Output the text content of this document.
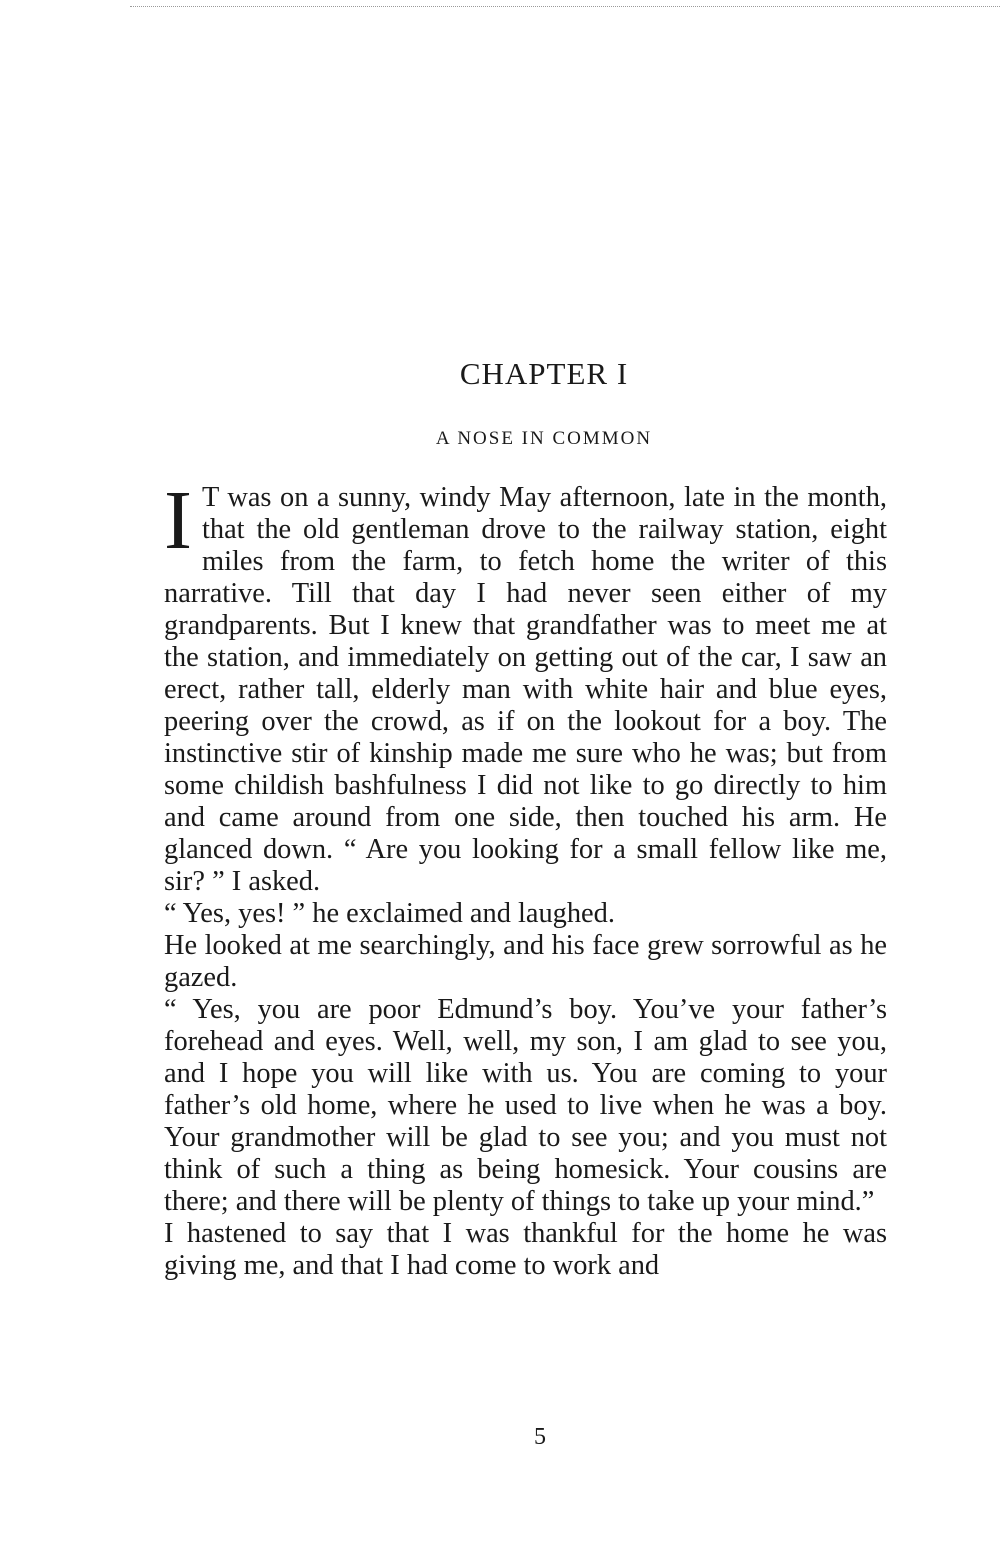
CHAPTER I
A NOSE IN COMMON

I T was on a sunny, windy May afternoon, late in the month, that the old gentleman drove to the railway station, eight miles from the farm, to fetch home the writer of this narrative. Till that day I had never seen either of my grandparents. But I knew that grandfather was to meet me at the station, and immediately on getting out of the car, I saw an erect, rather tall, elderly man with white hair and blue eyes, peering over the crowd, as if on the lookout for a boy. The instinctive stir of kinship made me sure who he was; but from some childish bashfulness I did not like to go directly to him and came around from one side, then touched his arm. He glanced down. “ Are you looking for a small fellow like me, sir? ” I asked.

“ Yes, yes! ” he exclaimed and laughed.

He looked at me searchingly, and his face grew sorrowful as he gazed.

“ Yes, you are poor Edmund’s boy. You’ve your father’s forehead and eyes. Well, well, my son, I am glad to see you, and I hope you will like with us. You are coming to your father’s old home, where he used to live when he was a boy. Your grandmother will be glad to see you; and you must not think of such a thing as being homesick. Your cousins are there; and there will be plenty of things to take up your mind.”

I hastened to say that I was thankful for the home he was giving me, and that I had come to work and

5
